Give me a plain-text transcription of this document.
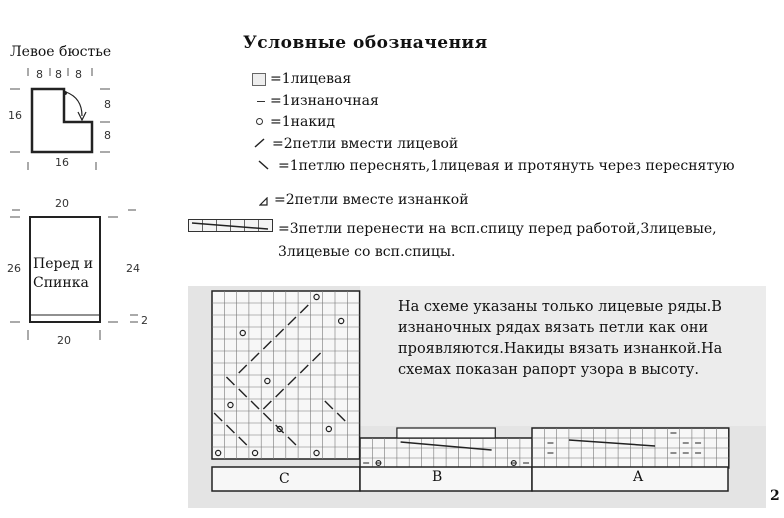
Левое бюстье
8 8 8
16
8
8
16
20
26	24
2
20
Перед и
Спинка
Условные обозначения
=1лицевая
=1изнаночная
=1накид
=2петли вмести лицевой
=1петлю переснять,1лицевая и протянуть через переснятую
=2петли вместе изнанкой
=3петли перенести на всп.спицу перед работой,3лицевые,
3лицевые со всп.спицы.
На схеме указаны только лицевые ряды.В
изнаночных рядах вязать петли как они
проявляются.Накиды вязать изнанкой.На
схемах показан рапорт узора в высоту.
C	B	A
2
